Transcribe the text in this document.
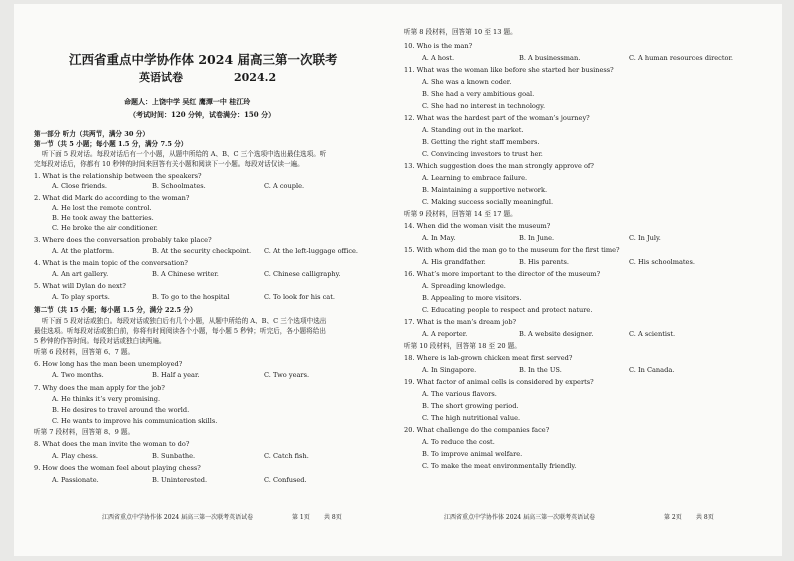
江西省重点中学协作体 2024 届高三第一次联考
英语试卷	2024.2
命题人：上饶中学 吴红 鹰潭一中 桂江玲
（考试时间：120 分钟，试卷满分：150 分）
第一部分 听力（共两节，满分 30 分）
第一节（共 5 小题；每小题 1.5 分，满分 7.5 分）
听下面 5 段对话。每段对话后有一个小题，从题中所给的 A、B、C 三个选项中选出最佳选项。听
完每段对话后，你都有 10 秒钟的时间来回答有关小题和阅读下一小题。每段对话仅读一遍。
1. What is the relationship between the speakers?
A. Close friends.	B. Schoolmates.	C. A couple.
2. What did Mark do according to the woman?
A. He lost the remote control.
B. He took away the batteries.
C. He broke the air conditioner.
3. Where does the conversation probably take place?
A. At the platform.	B. At the security checkpoint. C. At the left-luggage office.
4. What is the main topic of the conversation?
A. An art gallery.	B. A Chinese writer.	C. Chinese calligraphy.
5. What will Dylan do next?
A. To play sports.	B. To go to the hospital	C. To look for his cat.
第二节（共 15 小题；每小题 1.5 分，满分 22.5 分）
听下面 5 段对话或独白。每段对话或独白后有几个小题，从题中所给的 A、B、C 三个选项中选出
最佳选项。听每段对话或独白前，你将有时间阅读各个小题，每小题 5 秒钟；听完后，各小题将给出
5 秒钟的作答时间。每段对话或独白读两遍。
听第 6 段材料，回答第 6、7 题。
6. How long has the man been unemployed?
A. Two months.	B. Half a year.	C. Two years.
7. Why does the man apply for the job?
A. He thinks it’s very promising.
B. He desires to travel around the world.
C. He wants to improve his communication skills.
听第 7 段材料，回答第 8、9 题。
8. What does the man invite the woman to do?
A. Play chess.	B. Sunbathe.	C. Catch fish.
9. How does the woman feel about playing chess?
A. Passionate.	B. Uninterested.	C. Confused.
江西省重点中学协作体 2024 届高三第一次联考英语试卷	第 1页 共 8页
听第 8 段材料，回答第 10 至 13 题。
10. Who is the man?
A. A host.	B. A businessman.	C. A human resources director.
11. What was the woman like before she started her business?
A. She was a known coder.
B. She had a very ambitious goal.
C. She had no interest in technology.
12. What was the hardest part of the woman’s journey?
A. Standing out in the market.
B. Getting the right staff members.
C. Convincing investors to trust her.
13. Which suggestion does the man strongly approve of?
A. Learning to embrace failure.
B. Maintaining a supportive network.
C. Making success socially meaningful.
听第 9 段材料，回答第 14 至 17 题。
14. When did the woman visit the museum?
A. In May.	B. In June.	C. In July.
15. With whom did the man go to the museum for the first time?
A. His grandfather.	B. His parents.	C. His schoolmates.
16. What’s more important to the director of the museum?
A. Spreading knowledge.
B. Appealing to more visitors.
C. Educating people to respect and protect nature.
17. What is the man’s dream job?
A. A reporter.	B. A website designer.	C. A scientist.
听第 10 段材料，回答第 18 至 20 题。
18. Where is lab-grown chicken meat first served?
A. In Singapore.	B. In the US.	C. In Canada.
19. What factor of animal cells is considered by experts?
A. The various flavors.
B. The short growing period.
C. The high nutritional value.
20. What challenge do the companies face?
A. To reduce the cost.
B. To improve animal welfare.
C. To make the meat environmentally friendly.
江西省重点中学协作体 2024 届高三第一次联考英语试卷	第 2页 共 8页
